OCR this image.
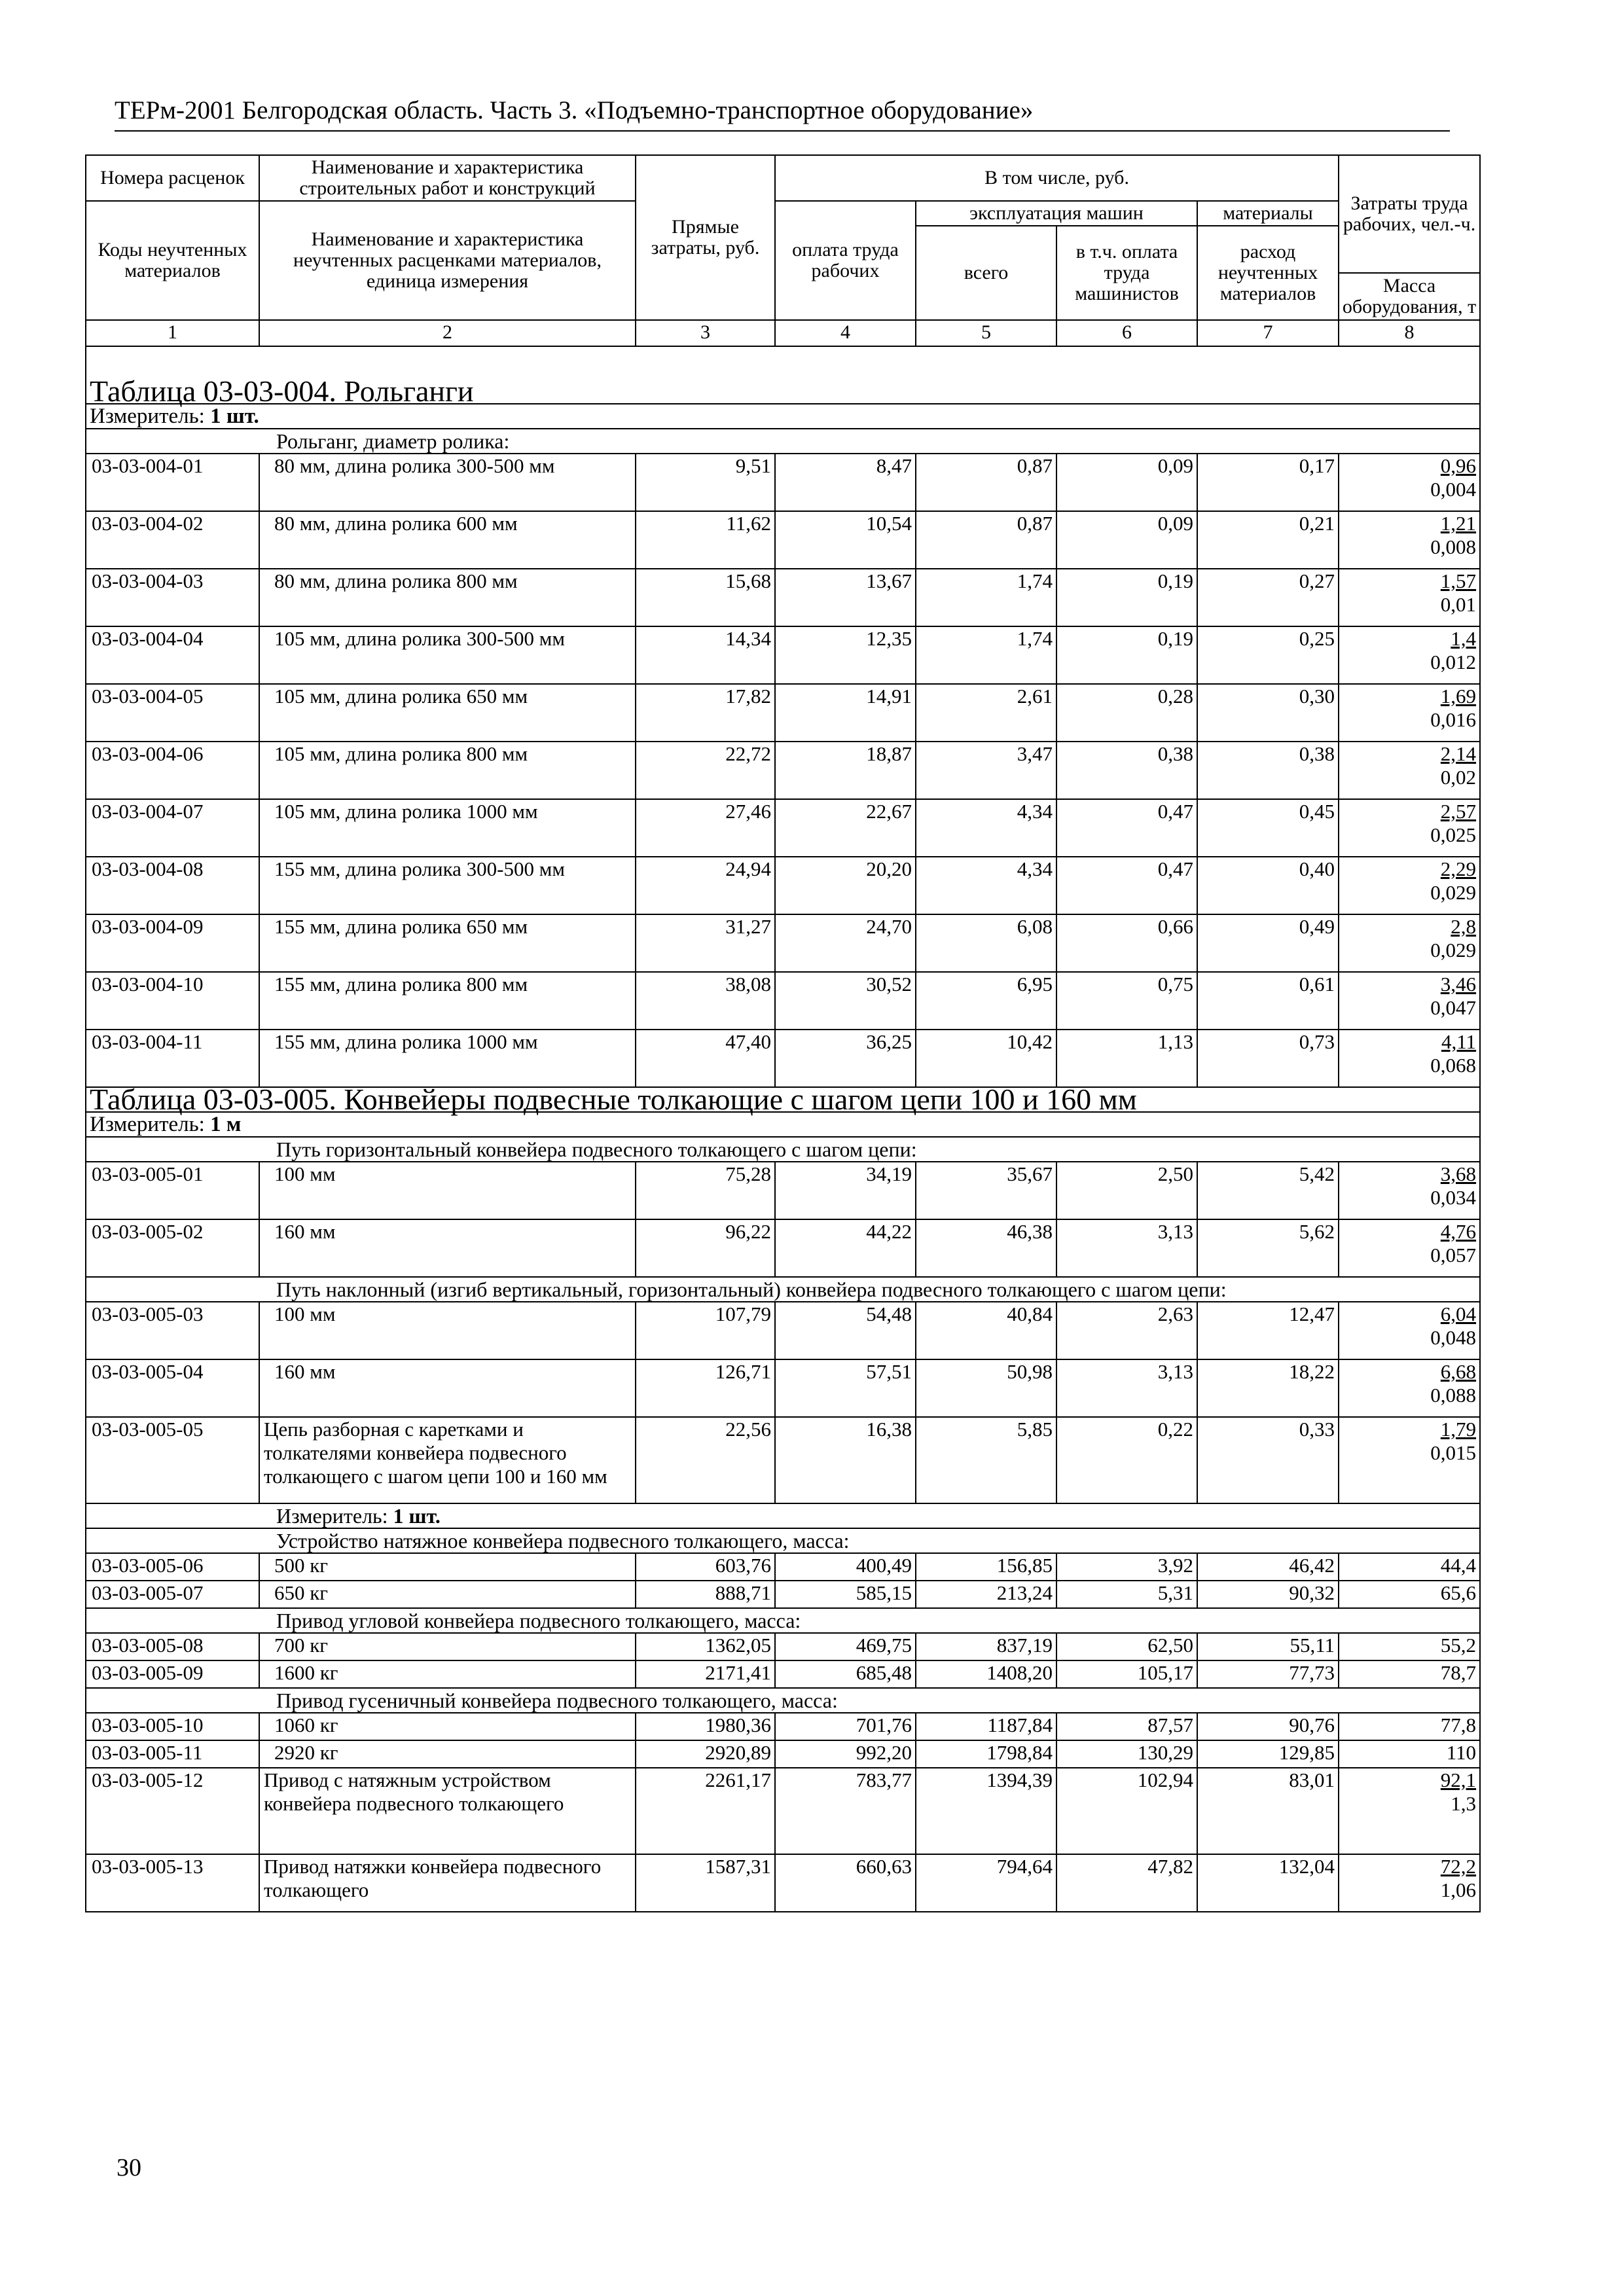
ТЕРм-2001 Белгородская область. Часть 3. «Подъемно-транспортное оборудование»
Номера расценок	Наименование и характеристика строительных работ и конструкций	Прямые затраты, руб.	В том числе, руб.				Затраты труда рабочих, чел.-ч.
Коды неучтенных материалов	Наименование и характеристика неучтенных расценками материалов, единица измерения		оплата труда рабочих	эксплуатация машин		материалы	
				всего	в т.ч. оплата труда машинистов	расход неучтенных материалов	
							Масса оборудования, т
1	2	3	4	5	6	7	8
Таблица 03-03-004. Рольганги							
Измеритель: 1 шт.							
Рольганг, диаметр ролика:							
03-03-004-01	80 мм, длина ролика 300-500 мм	9,51	8,47	0,87	0,09	0,17	0,96
0,004

03-03-004-02	80 мм, длина ролика 600 мм	11,62	10,54	0,87	0,09	0,21	1,21
0,008

03-03-004-03	80 мм, длина ролика 800 мм	15,68	13,67	1,74	0,19	0,27	1,57
0,01

03-03-004-04	105 мм, длина ролика 300-500 мм	14,34	12,35	1,74	0,19	0,25	1,4
0,012

03-03-004-05	105 мм, длина ролика 650 мм	17,82	14,91	2,61	0,28	0,30	1,69
0,016

03-03-004-06	105 мм, длина ролика 800 мм	22,72	18,87	3,47	0,38	0,38	2,14
0,02

03-03-004-07	105 мм, длина ролика 1000 мм	27,46	22,67	4,34	0,47	0,45	2,57
0,025

03-03-004-08	155 мм, длина ролика 300-500 мм	24,94	20,20	4,34	0,47	0,40	2,29
0,029

03-03-004-09	155 мм, длина ролика 650 мм	31,27	24,70	6,08	0,66	0,49	2,8
0,029

03-03-004-10	155 мм, длина ролика 800 мм	38,08	30,52	6,95	0,75	0,61	3,46
0,047

03-03-004-11	155 мм, длина ролика 1000 мм	47,40	36,25	10,42	1,13	0,73	4,11
0,068

Таблица 03-03-005. Конвейеры подвесные толкающие с шагом цепи 100 и 160 мм							
Измеритель: 1 м							
Путь горизонтальный конвейера подвесного толкающего с шагом цепи:							
03-03-005-01	100 мм	75,28	34,19	35,67	2,50	5,42	3,68
0,034

03-03-005-02	160 мм	96,22	44,22	46,38	3,13	5,62	4,76
0,057

Путь наклонный (изгиб вертикальный, горизонтальный) конвейера подвесного толкающего с шагом цепи:							
03-03-005-03	100 мм	107,79	54,48	40,84	2,63	12,47	6,04
0,048

03-03-005-04	160 мм	126,71	57,51	50,98	3,13	18,22	6,68
0,088

03-03-005-05	Цепь разборная с каретками и толкателями конвейера подвесного толкающего с шагом цепи 100 и 160 мм	22,56	16,38	5,85	0,22	0,33	1,79
0,015

Измеритель: 1 шт.							
Устройство натяжное конвейера подвесного толкающего, масса:							
03-03-005-06	500 кг	603,76	400,49	156,85	3,92	46,42	44,4

03-03-005-07	650 кг	888,71	585,15	213,24	5,31	90,32	65,6

Привод угловой конвейера подвесного толкающего, масса:							
03-03-005-08	700 кг	1362,05	469,75	837,19	62,50	55,11	55,2

03-03-005-09	1600 кг	2171,41	685,48	1408,20	105,17	77,73	78,7

Привод гусеничный конвейера подвесного толкающего, масса:							
03-03-005-10	1060 кг	1980,36	701,76	1187,84	87,57	90,76	77,8

03-03-005-11	2920 кг	2920,89	992,20	1798,84	130,29	129,85	110

03-03-005-12	Привод с натяжным устройством конвейера подвесного толкающего	2261,17	783,77	1394,39	102,94	83,01	92,1
1,3

03-03-005-13	Привод натяжки конвейера подвесного толкающего	1587,31	660,63	794,64	47,82	132,04	72,2
1,06
30
